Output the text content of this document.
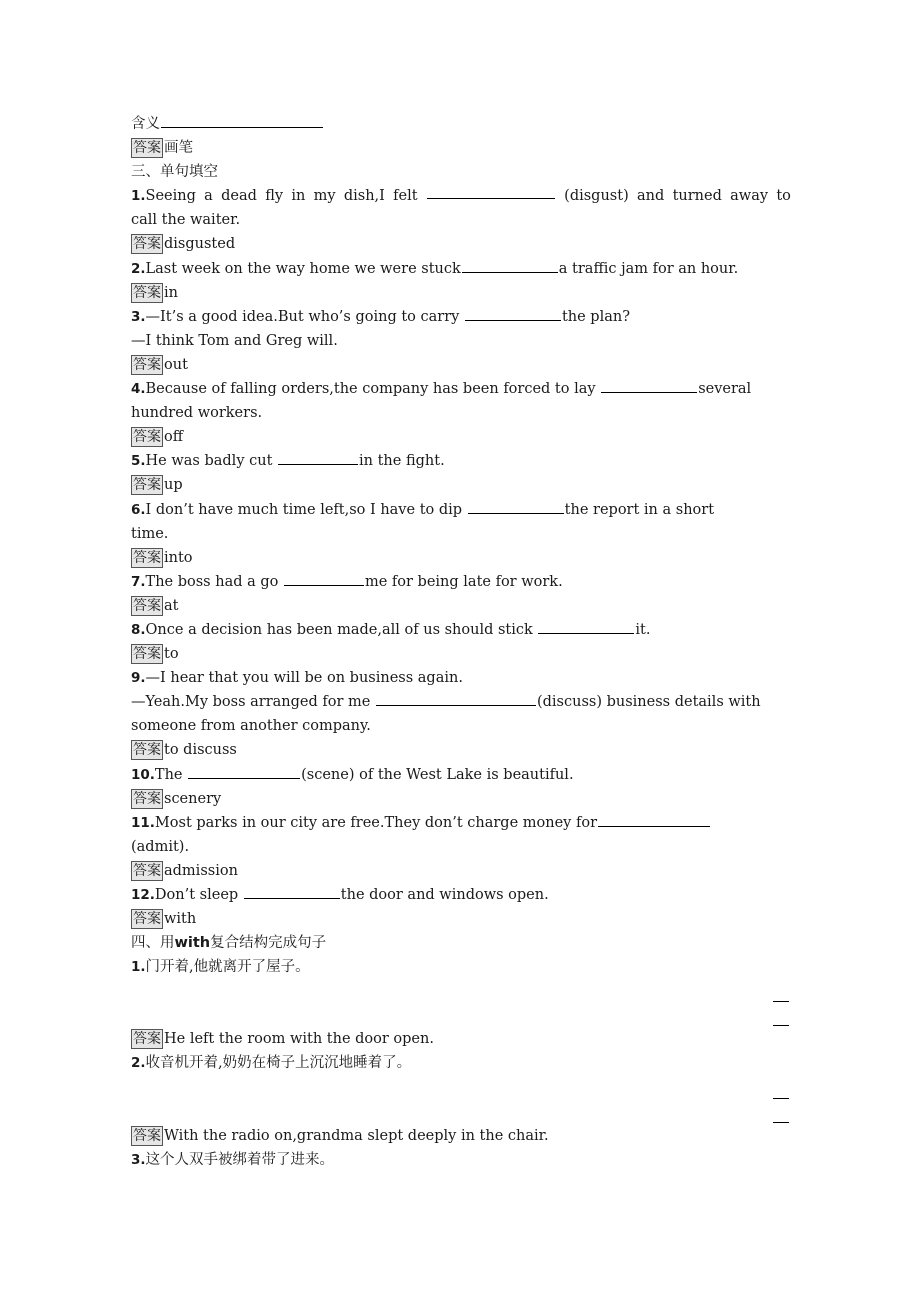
含义
答案 画笔
三、单句填空
1.Seeing a dead fly in my dish,I felt	(disgust) and turned away to
call the waiter.
答案 disgusted
2.Last week on the way home we were stuck	a traffic jam for an hour.
答案 in
3.—It’s a good idea.But who’s going to carry	the plan?
—I think Tom and Greg will.
答案 out
4.Because of falling orders,the company has been forced to lay	several
hundred workers.
答案 off
5.He was badly cut	in the fight.
答案 up
6.I don’t have much time left,so I have to dip	the report in a short
time.
答案 into
7.The boss had a go	me for being late for work.
答案 at
8.Once a decision has been made,all of us should stick	it.
答案 to
9.—I hear that you will be on business again.
—Yeah.My boss arranged for me	(discuss) business details with
someone from another company.
答案 to discuss
10.The	(scene) of the West Lake is beautiful.
答案 scenery
11.Most parks in our city are free.They don’t charge money for
(admit).
答案 admission
12.Don’t sleep	the door and windows open.
答案 with
四、用with复合结构完成句子
1.门开着,他就离开了屋子。
答案 He left the room with the door open.
2.收音机开着,奶奶在椅子上沉沉地睡着了。
答案 With the radio on,grandma slept deeply in the chair.
3.这个人双手被绑着带了进来。
